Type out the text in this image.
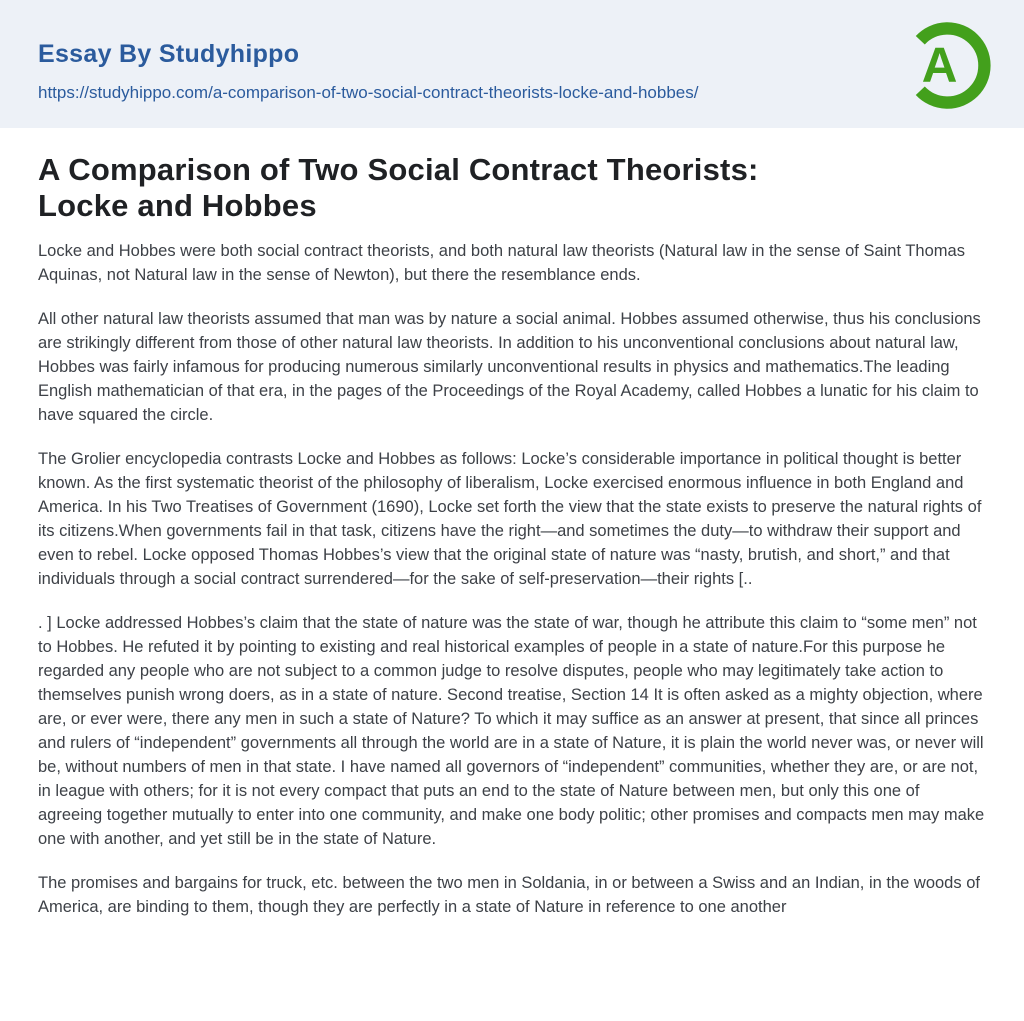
Essay By Studyhippo
https://studyhippo.com/a-comparison-of-two-social-contract-theorists-locke-and-hobbes/	A
A Comparison of Two Social Contract Theorists:
Locke and Hobbes

Locke and Hobbes were both social contract theorists, and both natural law theorists (Natural law in the sense of Saint Thomas Aquinas, not Natural law in the sense of Newton), but there the resemblance ends.

All other natural law theorists assumed that man was by nature a social animal. Hobbes assumed otherwise, thus his conclusions are strikingly different from those of other natural law theorists. In addition to his unconventional conclusions about natural law, Hobbes was fairly infamous for producing numerous similarly unconventional results in physics and mathematics.The leading English mathematician of that era, in the pages of the Proceedings of the Royal Academy, called Hobbes a lunatic for his claim to have squared the circle.

The Grolier encyclopedia contrasts Locke and Hobbes as follows: Locke’s considerable importance in political thought is better known. As the first systematic theorist of the philosophy of liberalism, Locke exercised enormous influence in both England and America. In his Two Treatises of Government (1690), Locke set forth the view that the state exists to preserve the natural rights of its citizens.When governments fail in that task, citizens have the right—and sometimes the duty—to withdraw their support and even to rebel. Locke opposed Thomas Hobbes’s view that the original state of nature was “nasty, brutish, and short,” and that individuals through a social contract surrendered—for the sake of self-preservation—their rights [..

. ] Locke addressed Hobbes’s claim that the state of nature was the state of war, though he attribute this claim to “some men” not to Hobbes. He refuted it by pointing to existing and real historical examples of people in a state of nature.For this purpose he regarded any people who are not subject to a common judge to resolve disputes, people who may legitimately take action to themselves punish wrong doers, as in a state of nature. Second treatise, Section 14 It is often asked as a mighty objection, where are, or ever were, there any men in such a state of Nature? To which it may suffice as an answer at present, that since all princes and rulers of “independent” governments all through the world are in a state of Nature, it is plain the world never was, or never will be, without numbers of men in that state. I have named all governors of “independent” communities, whether they are, or are not, in league with others; for it is not every compact that puts an end to the state of Nature between men, but only this one of agreeing together mutually to enter into one community, and make one body politic; other promises and compacts men may make one with another, and yet still be in the state of Nature.

The promises and bargains for truck, etc. between the two men in Soldania, in or between a Swiss and an Indian, in the woods of America, are binding to them, though they are perfectly in a state of Nature in reference to one another
